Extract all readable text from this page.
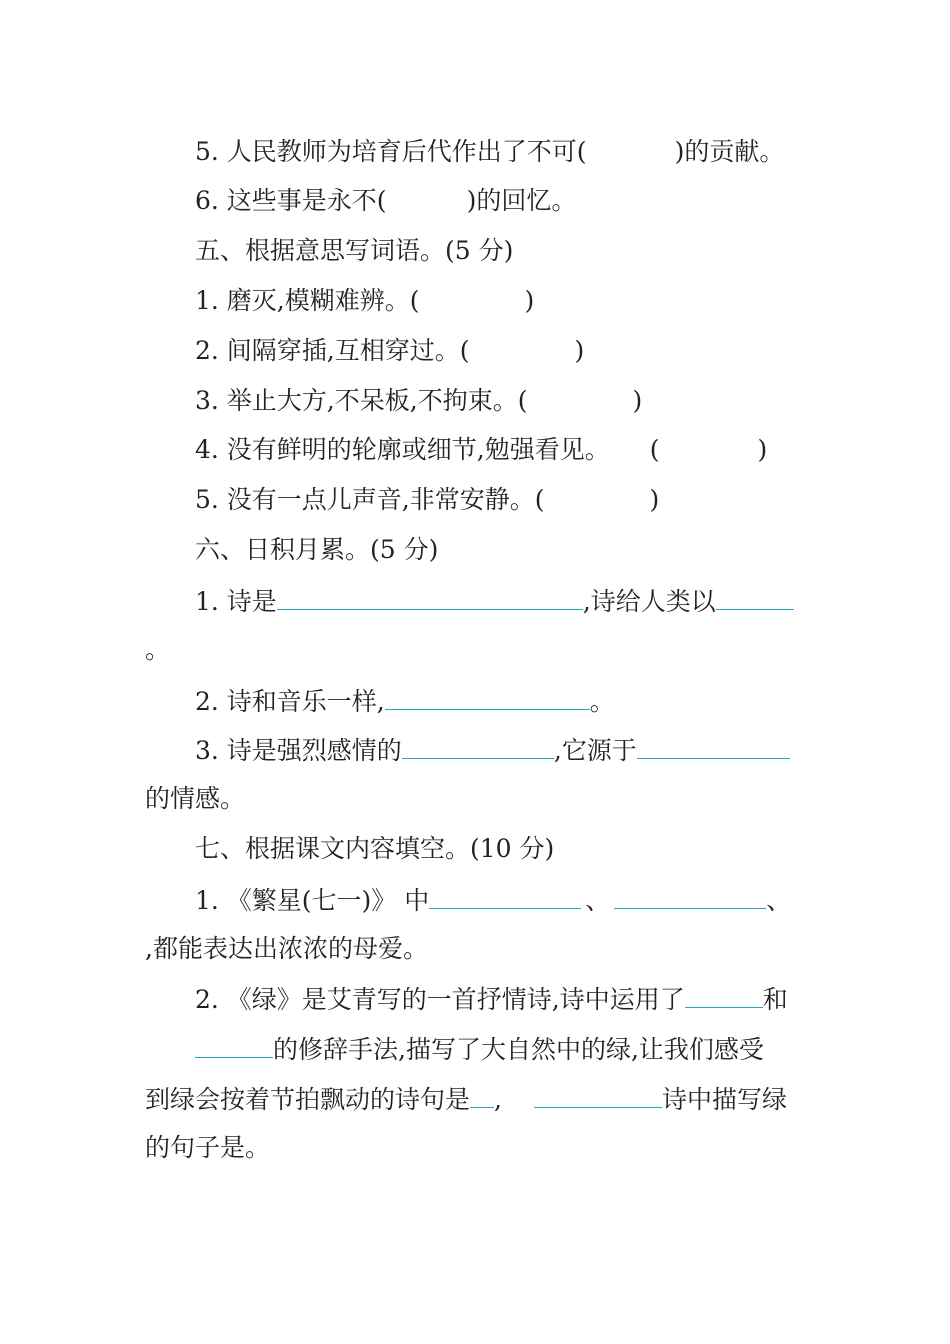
5. 人民教师为培育后代作出了不可(	)的贡献。
6. 这些事是永不(	)的回忆。
五、根据意思写词语。(5 分)
1. 磨灭,模糊难辨。(	)
2. 间隔穿插,互相穿过。(	)
3. 举止大方,不呆板,不拘束。(	)
4. 没有鲜明的轮廓或细节,勉强看见。 (	)
5. 没有一点儿声音,非常安静。(	)
六、日积月累。(5 分)
1. 诗是	,诗给人类以
。
2. 诗和音乐一样,	。
3. 诗是强烈感情的	,它源于
的情感。
七、根据课文内容填空。(10 分)
1. 《繁星(七一)》 中	、	、
,都能表达出浓浓的母爱。
2. 《绿》是艾青写的一首抒情诗,诗中运用了	和
的修辞手法,描写了大自然中的绿,让我们感受
到绿会按着节拍飘动的诗句是 ,	诗中描写绿
的句子是。
